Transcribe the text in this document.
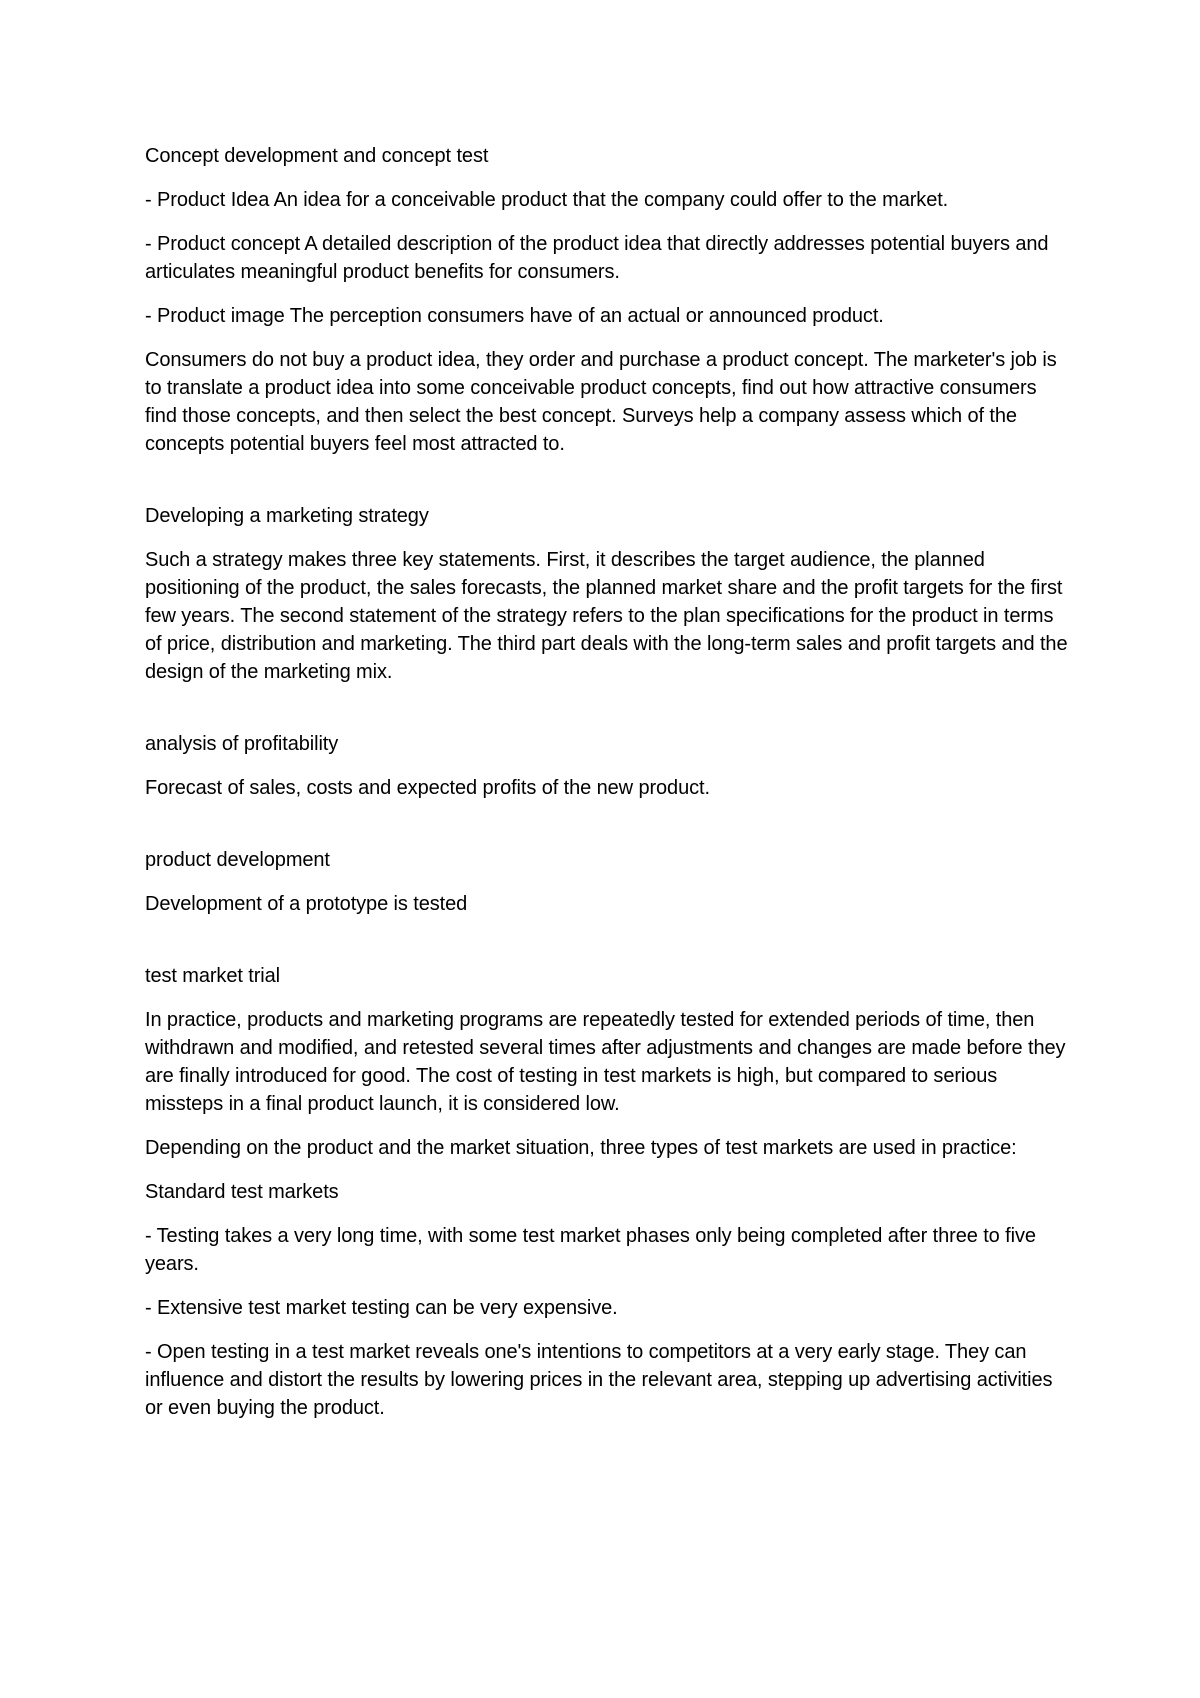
Concept development and concept test

- Product Idea An idea for a conceivable product that the company could offer to the market.

- Product concept A detailed description of the product idea that directly addresses potential buyers and articulates meaningful product benefits for consumers.

- Product image The perception consumers have of an actual or announced product.

Consumers do not buy a product idea, they order and purchase a product concept. The marketer's job is to translate a product idea into some conceivable product concepts, find out how attractive consumers find those concepts, and then select the best concept. Surveys help a company assess which of the concepts potential buyers feel most attracted to.

Developing a marketing strategy

Such a strategy makes three key statements. First, it describes the target audience, the planned positioning of the product, the sales forecasts, the planned market share and the profit targets for the first few years. The second statement of the strategy refers to the plan specifications for the product in terms of price, distribution and marketing. The third part deals with the long-term sales and profit targets and the design of the marketing mix.

analysis of profitability

Forecast of sales, costs and expected profits of the new product.

product development

Development of a prototype is tested

test market trial

In practice, products and marketing programs are repeatedly tested for extended periods of time, then withdrawn and modified, and retested several times after adjustments and changes are made before they are finally introduced for good. The cost of testing in test markets is high, but compared to serious missteps in a final product launch, it is considered low.

Depending on the product and the market situation, three types of test markets are used in practice:

Standard test markets

- Testing takes a very long time, with some test market phases only being completed after three to five years.

- Extensive test market testing can be very expensive.

- Open testing in a test market reveals one's intentions to competitors at a very early stage. They can influence and distort the results by lowering prices in the relevant area, stepping up advertising activities or even buying the product.
